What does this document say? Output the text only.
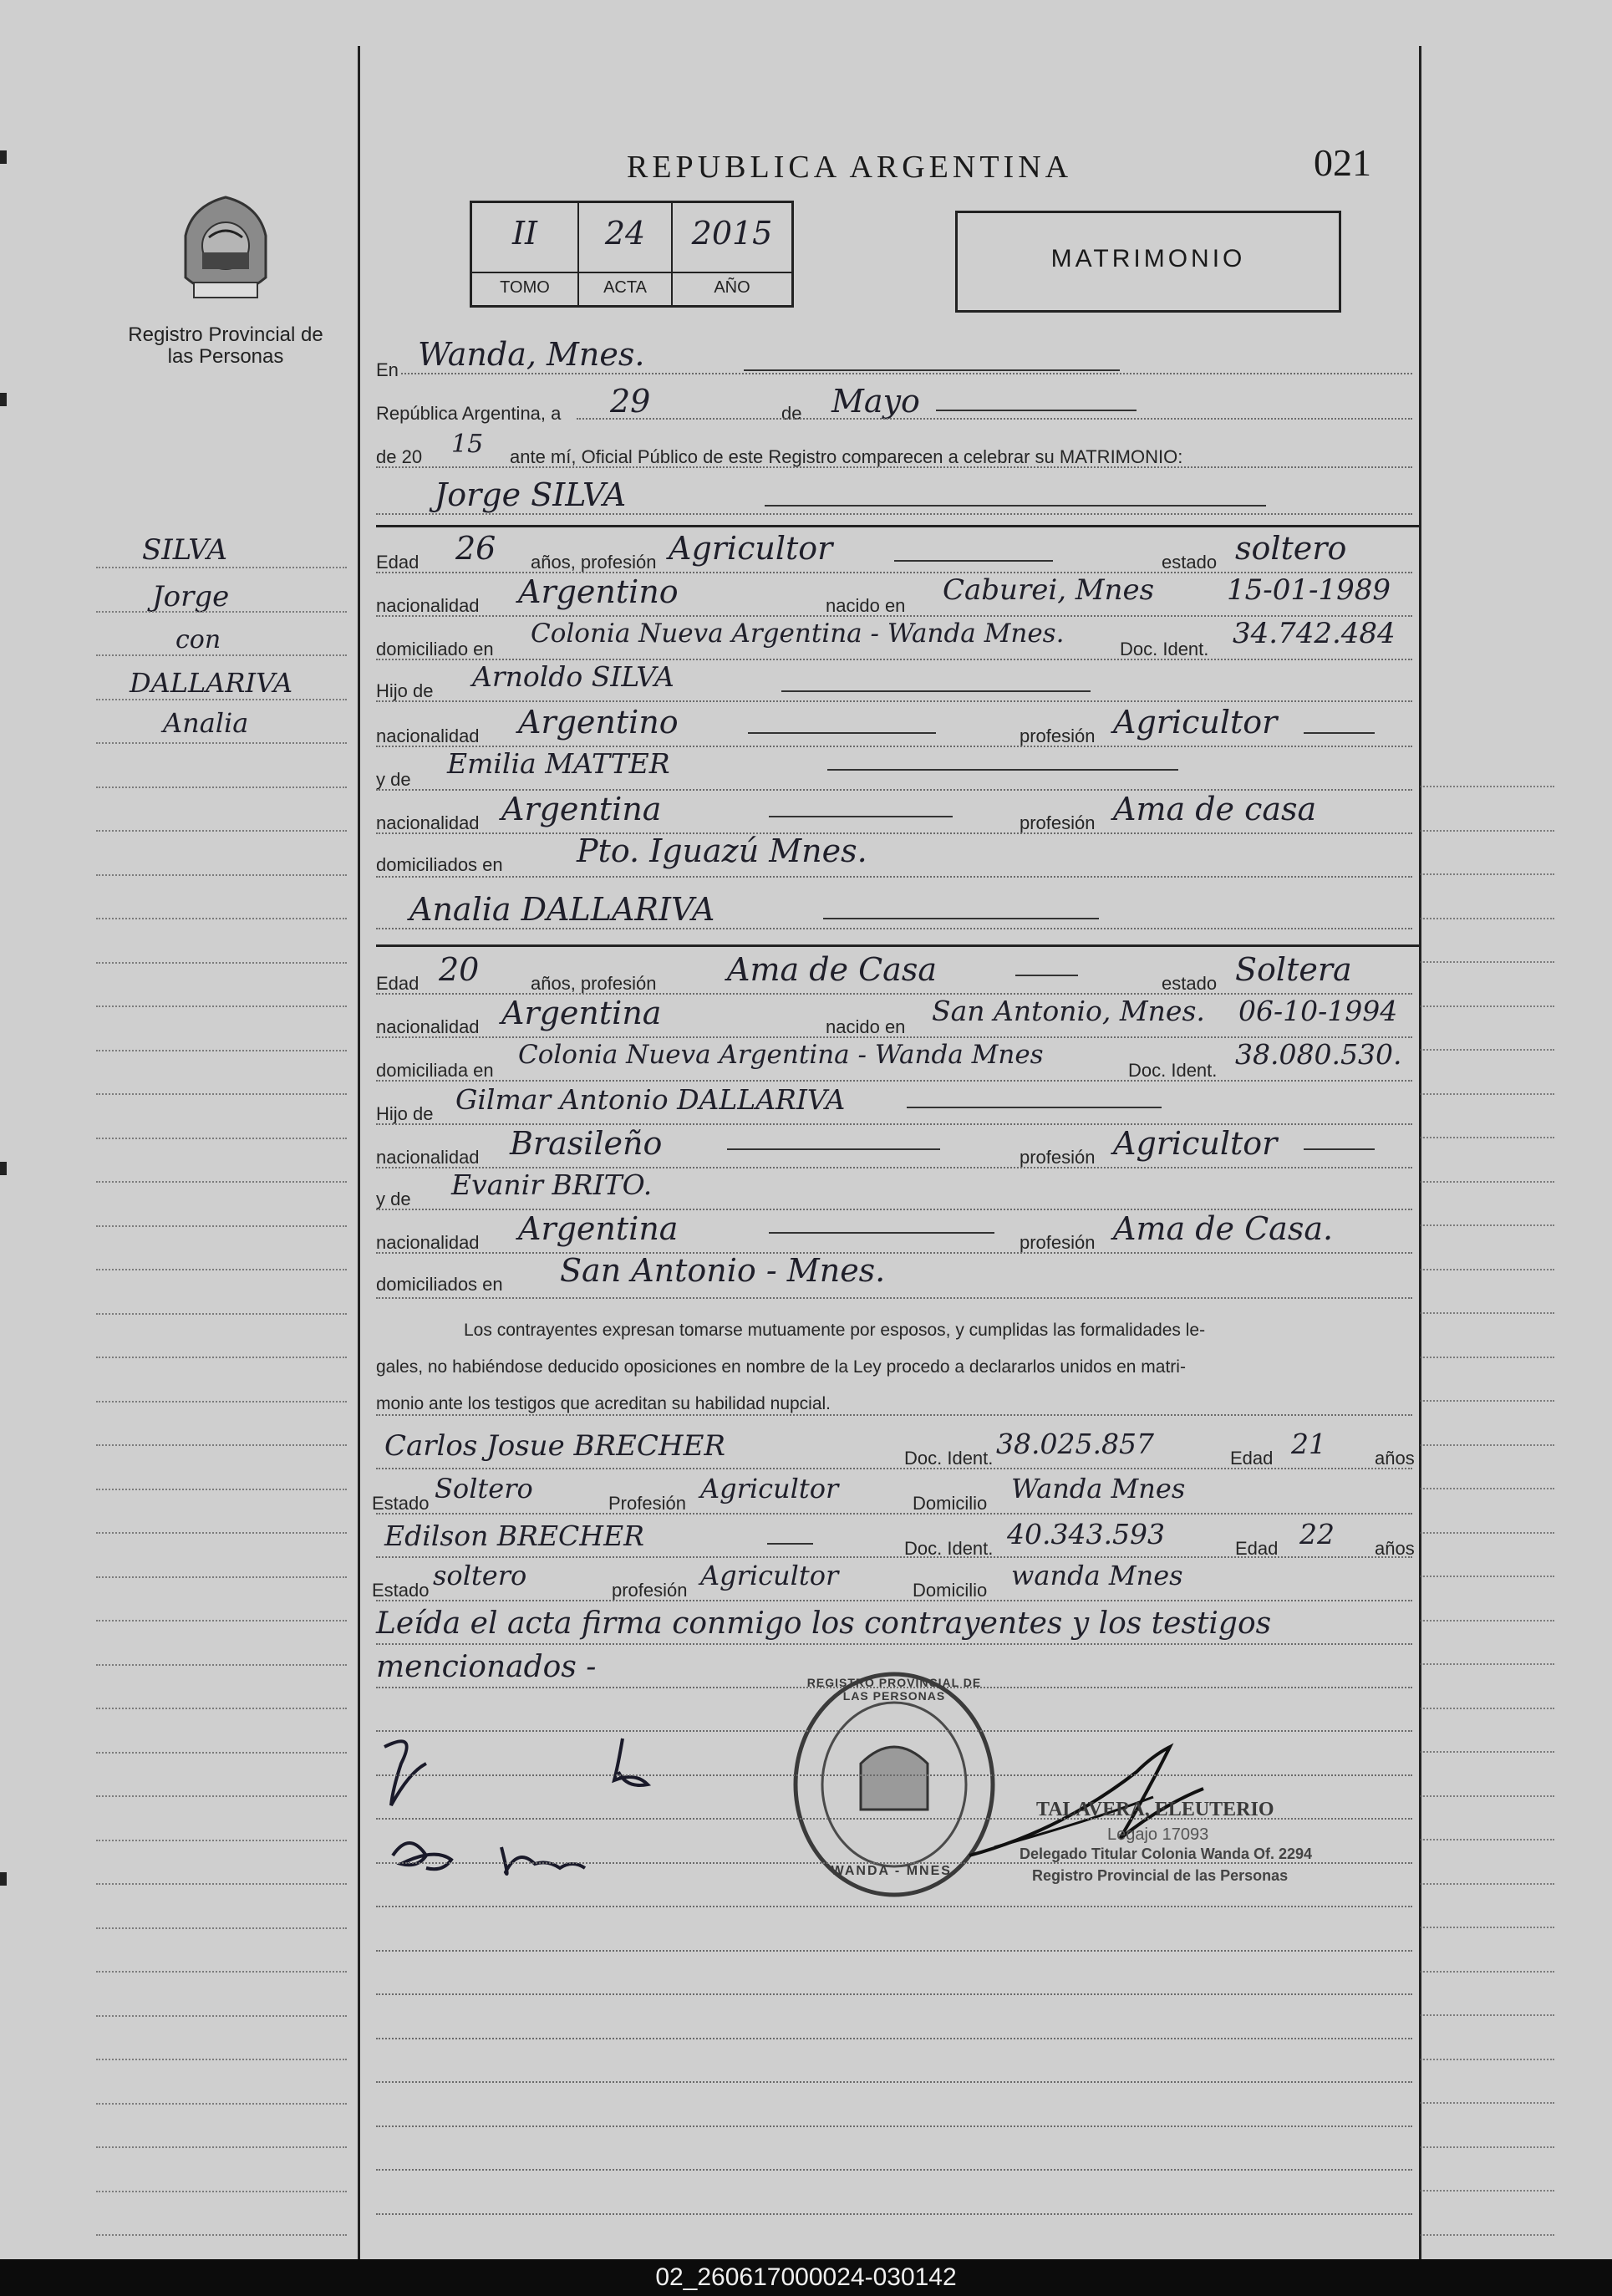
REPUBLICA ARGENTINA	021
Registro Provincial de las Personas
II	24	2015
TOMO	ACTA	AÑO
MATRIMONIO
SILVA
Jorge
con
DALLARIVA
Analia
En Wanda, Mnes.
República Argentina, a 29	de Mayo
de 20 15 ante mí, Oficial Público de este Registro comparecen a celebrar su MATRIMONIO:
Jorge SILVA
Edad 26 años, profesión Agricultor	estado soltero
nacionalidad Argentino	nacido en Caburei, Mnes	15-01-1989
domiciliado en
Colonia Nueva Argentina - Wanda Mnes.
Doc. Ident. 34.742.484
Hijo de Arnoldo SILVA
nacionalidad Argentino	profesión Agricultor
y de Emilia MATTER
nacionalidad Argentina	profesión Ama de casa
domiciliados en Pto. Iguazú Mnes.
Analia DALLARIVA
Edad 20	años, profesión Ama de Casa	estado Soltera
nacionalidad Argentina	nacido en San Antonio, Mnes. 06-10-1994
domiciliada en
Colonia Nueva Argentina - Wanda Mnes
Doc. Ident. 38.080.530.
Hijo de Gilmar Antonio DALLARIVA
nacionalidad Brasileño	profesión Agricultor
y de Evanir BRITO.
nacionalidad Argentina	profesión Ama de Casa.
domiciliados en San Antonio - Mnes.
Los contrayentes expresan tomarse mutuamente por esposos, y cumplidas las formalidades le-
gales, no habiéndose deducido oposiciones en nombre de la Ley procedo a declararlos unidos en matri-
monio ante los testigos que acreditan su habilidad nupcial.
Carlos Josue BRECHER	Doc. Ident. 38.025.857	Edad 21	años
Estado Soltero	Profesión Agricultor	Domicilio Wanda Mnes
Edilson BRECHER	Doc. Ident. 40.343.593	Edad 22 años
Estado soltero	profesión Agricultor	Domicilio wanda Mnes
Leída el acta firma conmigo los contrayentes y los testigos
mencionados -	REGISTRO PROVINCIAL DE LAS PERSONAS
WANDA - MNES.
TALAVERA, ELEUTERIO
Legajo 17093
Delegado Titular Colonia Wanda Of. 2294
Registro Provincial de las Personas
02_260617000024-030142
